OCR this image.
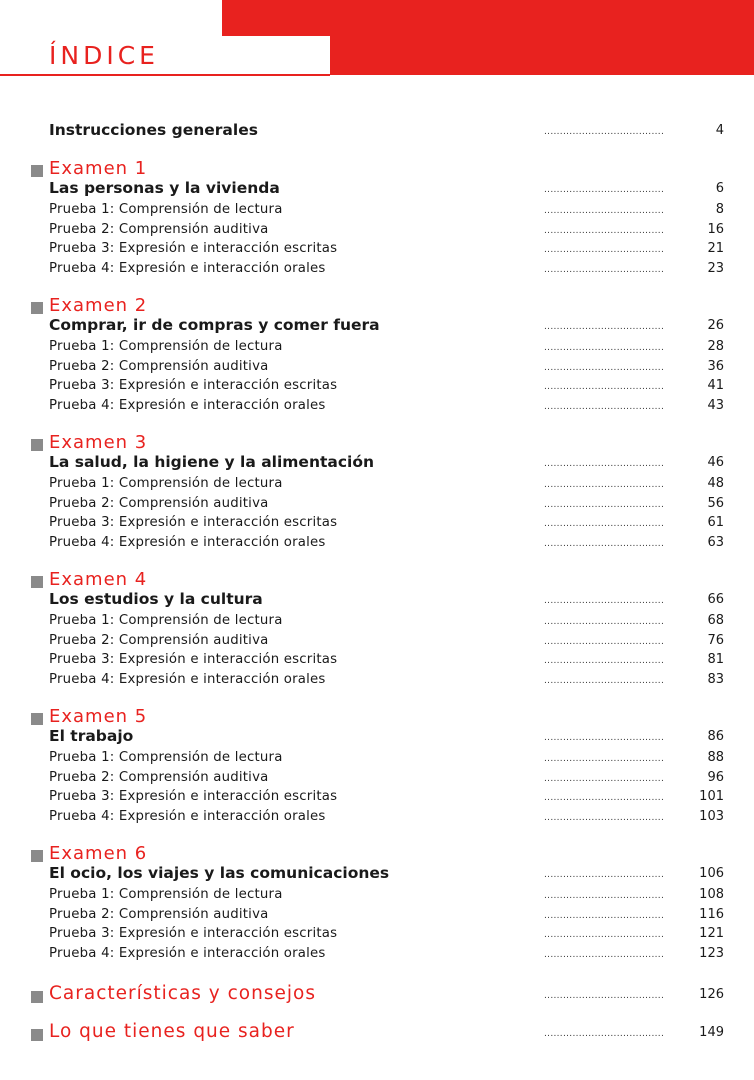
ÍNDICE
Instrucciones generales	......................................	4
Examen 1
Las personas y la vivienda	......................................	6
Prueba 1: Comprensión de lectura	......................................	8
Prueba 2: Comprensión auditiva	......................................	16
Prueba 3: Expresión e interacción escritas	......................................	21
Prueba 4: Expresión e interacción orales	......................................	23
Examen 2
Comprar, ir de compras y comer fuera	......................................	26
Prueba 1: Comprensión de lectura	......................................	28
Prueba 2: Comprensión auditiva	......................................	36
Prueba 3: Expresión e interacción escritas	......................................	41
Prueba 4: Expresión e interacción orales	......................................	43
Examen 3
La salud, la higiene y la alimentación	......................................	46
Prueba 1: Comprensión de lectura	......................................	48
Prueba 2: Comprensión auditiva	......................................	56
Prueba 3: Expresión e interacción escritas	......................................	61
Prueba 4: Expresión e interacción orales	......................................	63
Examen 4
Los estudios y la cultura	......................................	66
Prueba 1: Comprensión de lectura	......................................	68
Prueba 2: Comprensión auditiva	......................................	76
Prueba 3: Expresión e interacción escritas	......................................	81
Prueba 4: Expresión e interacción orales	......................................	83
Examen 5
El trabajo	......................................	86
Prueba 1: Comprensión de lectura	......................................	88
Prueba 2: Comprensión auditiva	......................................	96
Prueba 3: Expresión e interacción escritas	......................................	101
Prueba 4: Expresión e interacción orales	......................................	103
Examen 6
El ocio, los viajes y las comunicaciones	......................................	106
Prueba 1: Comprensión de lectura	......................................	108
Prueba 2: Comprensión auditiva	......................................	116
Prueba 3: Expresión e interacción escritas	......................................	121
Prueba 4: Expresión e interacción orales	......................................	123
Características y consejos	......................................	126
Lo que tienes que saber	......................................	149
